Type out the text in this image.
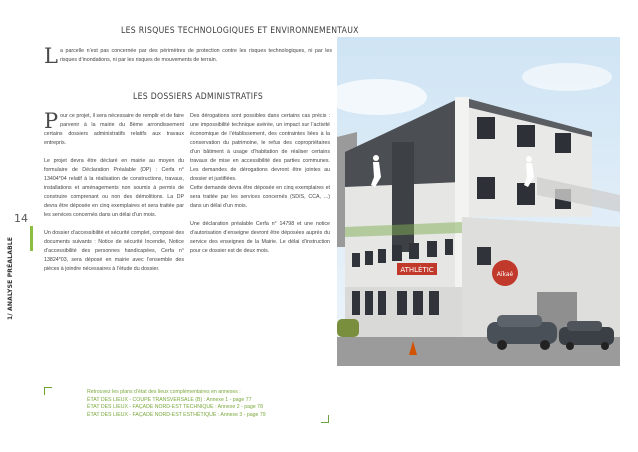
LES RISQUES TECHNOLOGIQUES ET ENVIRONNEMENTAUX
L a parcelle n’est pas concernée par des périmètres de protection contre les risques technologiques, ni par les risques d’inondations, ni par les risques de mouvements de terrain.
LES DOSSIERS ADMINISTRATIFS

Pour ce projet, il sera nécessaire de remplir et de faire parvenir à la mairie du 8ème arrondissement certains dossiers administratifs relatifs aux travaux entrepris.

Le projet devra être déclaré en mairie au moyen du formulaire de Déclaration Préalable (DP) : Cerfa n° 13404*04 relatif à la réalisation de constructions, travaux, installations et aménagements non soumis à permis de construire comprenant ou non des démolitions. La DP devra être déposée en cinq exemplaires et sera traitée par les services concernés dans un délai d’un mois.

Un dossier d’accessibilité et sécurité complet, composé des documents suivants : Notice de sécurité Incendie, Notice d’accessibilité des personnes handicapées, Cerfa n° 13824*03, sera déposé en mairie avec l’ensemble des pièces à joindre nécessaires à l’étude du dossier.

Des dérogations sont possibles dans certains cas précis : une impossibilité technique avérée, un impact sur l’activité économique de l’établissement, des contraintes liées à la conservation du patrimoine, le refus des copropriétaires d’un bâtiment à usage d’habitation de réaliser certains travaux de mise en accessibilité des parties communes. Les demandes de dérogations devront être jointes au dossier et justifiées.

Cette demande devra être déposée en cinq exemplaires et sera traitée par les services concernés (SDIS, CCA, ...) dans un délai d’un mois.

Une déclaration préalable Cerfa n° 14798 et une notice d’autorisation d’enseigne devront être déposées auprès du service des enseignes de la Mairie. Le délai d’instruction pour ce dossier est de deux mois.

14
1/ ANALYSE PRÉALABLE	ATHLÉTIC
Aïkaé
Retrouvez les plans d’état des lieux complémentaires en annexes :
ÉTAT DES LIEUX - COUPE TRANSVERSALE (B) : Annexe 1 - page 77
ÉTAT DES LIEUX - FAÇADE NORD-EST TECHNIQUE : Annexe 2 - page 78
ÉTAT DES LIEUX - FAÇADE NORD-EST ESTHÉTIQUE : Annexe 3 - page 79
